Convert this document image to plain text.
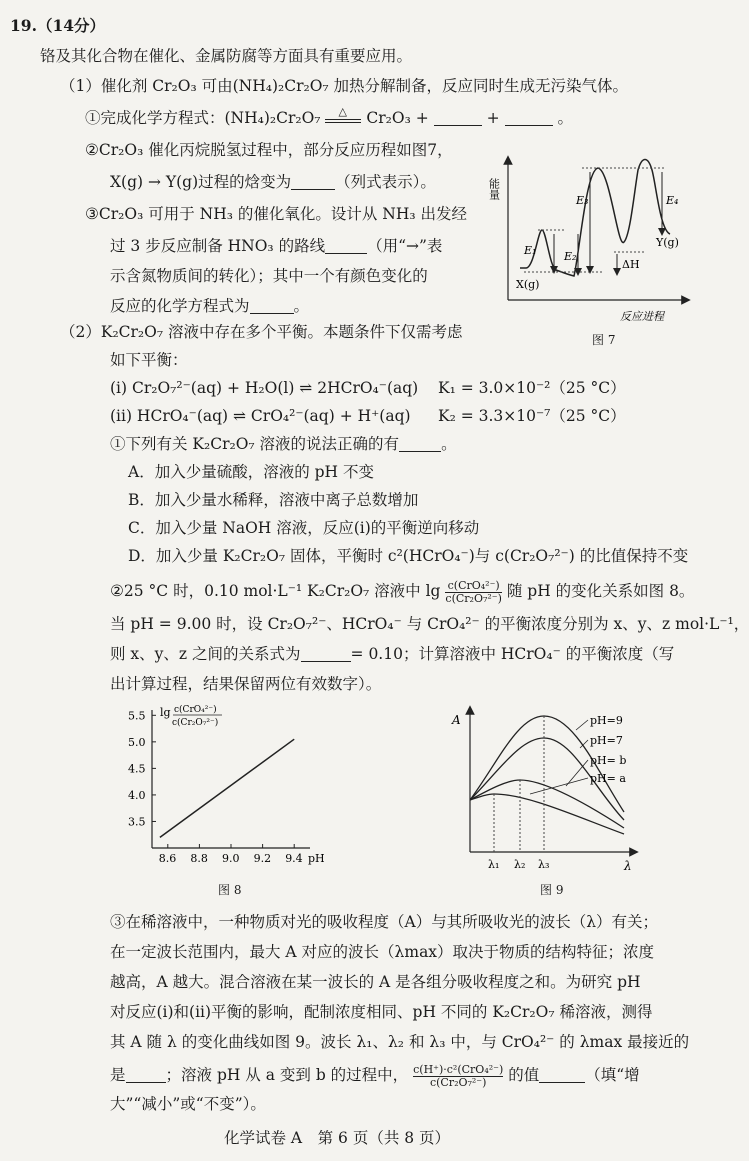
19.（14分）
铬及其化合物在催化、金属防腐等方面具有重要应用。
（1）催化剂 Cr₂O₃ 可由(NH₄)₂Cr₂O₇ 加热分解制备，反应同时生成无污染气体。
①完成化学方程式：(NH₄)₂Cr₂O₇ △ Cr₂O₃ +	+	。
②Cr₂O₃ 催化丙烷脱氢过程中，部分反应历程如图7，
X(g) → Y(g)过程的焓变为	（列式表示）。
③Cr₂O₃ 可用于 NH₃ 的催化氧化。设计从 NH₃ 出发经
过 3 步反应制备 HNO₃ 的路线	（用“→”表
示含氮物质间的转化）；其中一个有颜色变化的
反应的化学方程式为	。
能量
E₁	E₂
E₃	E₄
ΔH
X(g)
Y(g)
反应进程
图 7
（2）K₂Cr₂O₇ 溶液中存在多个平衡。本题条件下仅需考虑
如下平衡：
(i) Cr₂O₇²⁻(aq) + H₂O(l) ⇌ 2HCrO₄⁻(aq) K₁ = 3.0×10⁻²（25 °C）
(ii) HCrO₄⁻(aq) ⇌ CrO₄²⁻(aq) + H⁺(aq) K₂ = 3.3×10⁻⁷（25 °C）
①下列有关 K₂Cr₂O₇ 溶液的说法正确的有	。
A．加入少量硫酸，溶液的 pH 不变
B．加入少量水稀释，溶液中离子总数增加
C．加入少量 NaOH 溶液，反应(i)的平衡逆向移动
D．加入少量 K₂Cr₂O₇ 固体，平衡时 c²(HCrO₄⁻)与 c(Cr₂O₇²⁻) 的比值保持不变
②25 °C 时，0.10 mol·L⁻¹ K₂Cr₂O₇ 溶液中 $\lg \frac{\text{c(CrO₄²⁻)}}{\text{c(Cr₂O₇²⁻)}}$ 随 pH 的变化关系如图 8。
当 pH = 9.00 时，设 Cr₂O₇²⁻、HCrO₄⁻ 与 CrO₄²⁻ 的平衡浓度分别为 x、y、z mol·L⁻¹，
则 x、y、z 之间的关系式为	= 0.10；计算溶液中 HCrO₄⁻ 的平衡浓度（写
出计算过程，结果保留两位有效数字）。
5.5
5.0
4.5
4.0
3.5
8.6 8.8 9.0 9.2 9.4
lg c(CrO₄²⁻)
c(Cr₂O₇²⁻)
pH
图 8
A
λ
pH=9
pH=7
pH= b
pH= a
λ₁ λ₂ λ₃
图 9
③在稀溶液中，一种物质对光的吸收程度（A）与其所吸收光的波长（λ）有关；
在一定波长范围内，最大 A 对应的波长（λmax）取决于物质的结构特征；浓度
越高，A 越大。混合溶液在某一波长的 A 是各组分吸收程度之和。为研究 pH
对反应(i)和(ii)平衡的影响，配制浓度相同、pH 不同的 K₂Cr₂O₇ 稀溶液，测得
其 A 随 λ 的变化曲线如图 9。波长 λ₁、λ₂ 和 λ₃ 中，与 CrO₄²⁻ 的 λmax 最接近的
是	；溶液 pH 从 a 变到 b 的过程中， $\frac{\text{c(H⁺)·c²(CrO₄²⁻)}}{\text{c(Cr₂O₇²⁻)}}$ 的值	（填“增
大”“减小”或“不变”）。
化学试卷 A　第 6 页（共 8 页）
